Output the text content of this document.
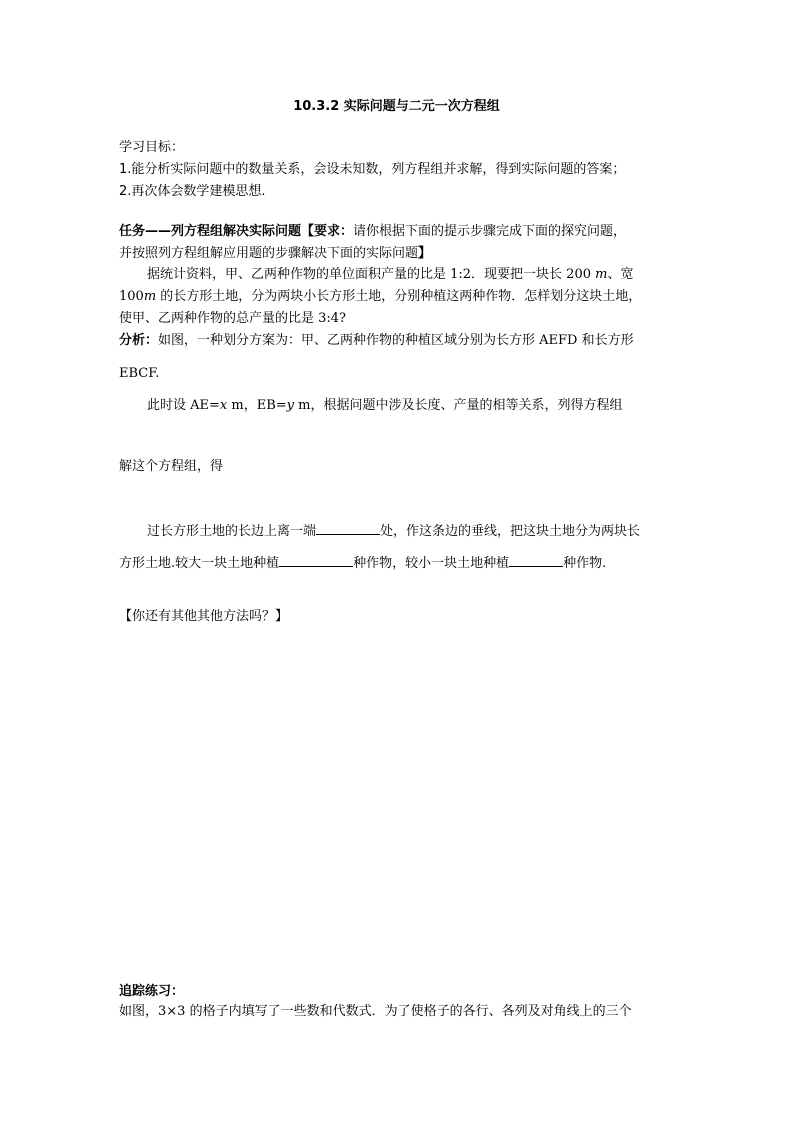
10.3.2 实际问题与二元一次方程组
学习目标：
1.能分析实际问题中的数量关系，会设未知数，列方程组并求解，得到实际问题的答案；
2.再次体会数学建模思想.
任务——列方程组解决实际问题【要求：请你根据下面的提示步骤完成下面的探究问题，
并按照列方程组解应用题的步骤解决下面的实际问题】
据统计资料，甲、乙两种作物的单位面积产量的比是 1:2．现要把一块长 200 m、宽
100m 的长方形土地，分为两块小长方形土地，分别种植这两种作物．怎样划分这块土地，
使甲、乙两种作物的总产量的比是 3:4?
分析：如图，一种划分方案为：甲、乙两种作物的种植区域分别为长方形 AEFD 和长方形
EBCF.
此时设 AE=x m，EB=y m，根据问题中涉及长度、产量的相等关系，列得方程组
解这个方程组，得
过长方形土地的长边上离一端	处，作这条边的垂线，把这块土地分为两块长
方形土地.较大一块土地种植	种作物，较小一块土地种植	种作物.
【你还有其他其他方法吗？】
追踪练习：
如图，3×3 的格子内填写了一些数和代数式．为了使格子的各行、各列及对角线上的三个
